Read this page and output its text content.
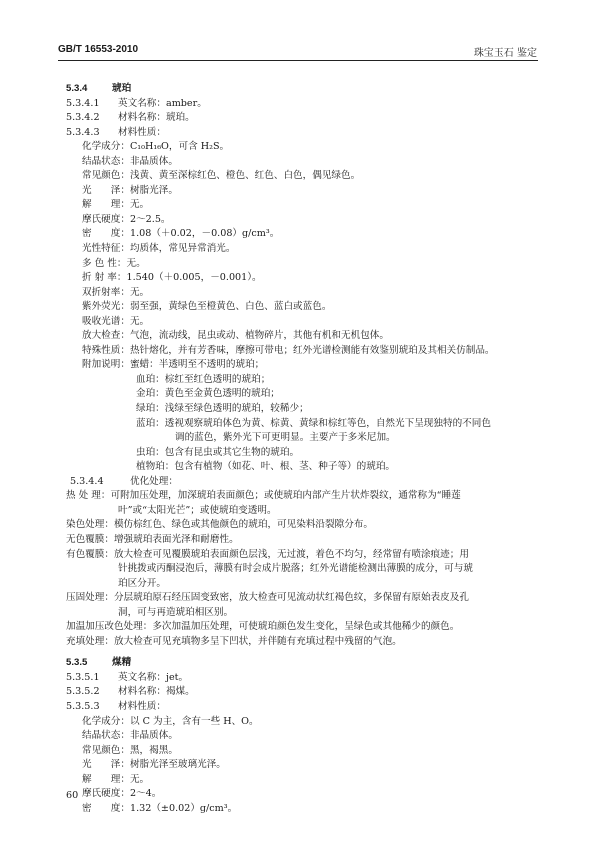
GB/T 16553-2010	珠宝玉石 鉴定
5.3.4	琥珀
5.3.4.1 英文名称：amber。
5.3.4.2 材料名称：琥珀。
5.3.4.3 材料性质：
化学成分：C₁₀H₁₆O，可含 H₂S。
结晶状态：非晶质体。
常见颜色：浅黄、黄至深棕红色、橙色、红色、白色，偶见绿色。
光　　泽：树脂光泽。
解　　理：无。
摩氏硬度：2～2.5。
密　　度：1.08（＋0.02，－0.08）g/cm³。
光性特征：均质体，常见异常消光。
多 色 性：无。
折 射 率：1.540（＋0.005，－0.001）。
双折射率：无。
紫外荧光：弱至强，黄绿色至橙黄色、白色、蓝白或蓝色。
吸收光谱：无。
放大检查：气泡，流动线，昆虫或动、植物碎片，其他有机和无机包体。
特殊性质：热针熔化，并有芳香味，摩擦可带电；红外光谱检测能有效鉴别琥珀及其相关仿制品。
附加说明：蜜蜡：半透明至不透明的琥珀；
血珀：棕红至红色透明的琥珀；
金珀：黄色至金黄色透明的琥珀；
绿珀：浅绿至绿色透明的琥珀，较稀少；
蓝珀：透视观察琥珀体色为黄、棕黄、黄绿和棕红等色，自然光下呈现独特的不同色
调的蓝色，紫外光下可更明显。主要产于多米尼加。
虫珀：包含有昆虫或其它生物的琥珀。
植物珀：包含有植物（如花、叶、根、茎、种子等）的琥珀。
5.3.4.4	优化处理：
热 处 理：可附加压处理，加深琥珀表面颜色；或使琥珀内部产生片状炸裂纹，通常称为“睡莲
叶”或“太阳光芒”；或使琥珀变透明。
染色处理：模仿棕红色、绿色或其他颜色的琥珀，可见染料沿裂隙分布。
无色覆膜：增强琥珀表面光泽和耐磨性。
有色覆膜：放大检查可见覆膜琥珀表面颜色层浅，无过渡，着色不均匀，经常留有喷涂痕迹；用
针挑拨或丙酮浸泡后，薄膜有时会成片脱落；红外光谱能检测出薄膜的成分，可与琥
珀区分开。
压固处理：分层琥珀原石经压固变致密，放大检查可见流动状红褐色纹，多保留有原始表皮及孔
洞，可与再造琥珀相区别。
加温加压改色处理：多次加温加压处理，可使琥珀颜色发生变化，呈绿色或其他稀少的颜色。
充填处理：放大检查可见充填物多呈下凹状，并伴随有充填过程中残留的气泡。
5.3.5	煤精
5.3.5.1 英文名称：jet。
5.3.5.2 材料名称：褐煤。
5.3.5.3 材料性质：
化学成分：以 C 为主，含有一些 H、O。
结晶状态：非晶质体。
常见颜色：黑，褐黑。
光　　泽：树脂光泽至玻璃光泽。
解　　理：无。
摩氏硬度：2～4。
密　　度：1.32（±0.02）g/cm³。
60
